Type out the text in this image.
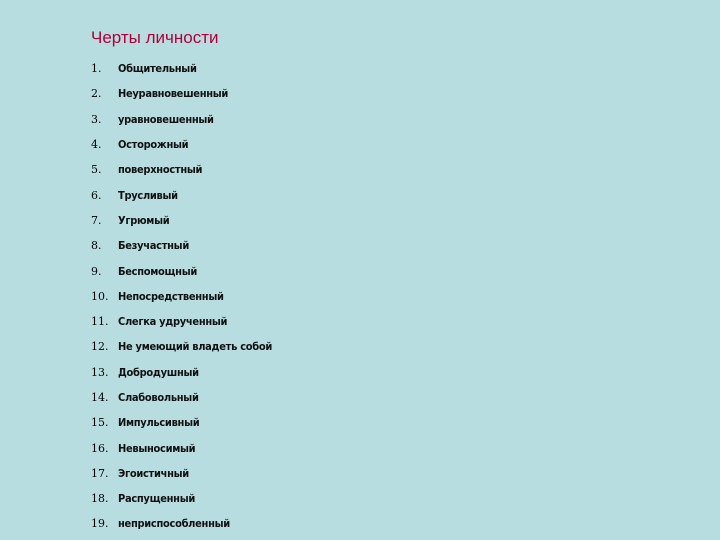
Черты личности
1.	Общительный
2.	Неуравновешенный
3.	уравновешенный
4.	Осторожный
5.	поверхностный
6.	Трусливый
7.	Угрюмый
8.	Безучастный
9.	Беспомощный
10. Непосредственный
11. Слегка удрученный
12. Не умеющий владеть собой
13. Добродушный
14. Слабовольный
15. Импульсивный
16. Невыносимый
17. Эгоистичный
18. Распущенный
19. неприспособленный
